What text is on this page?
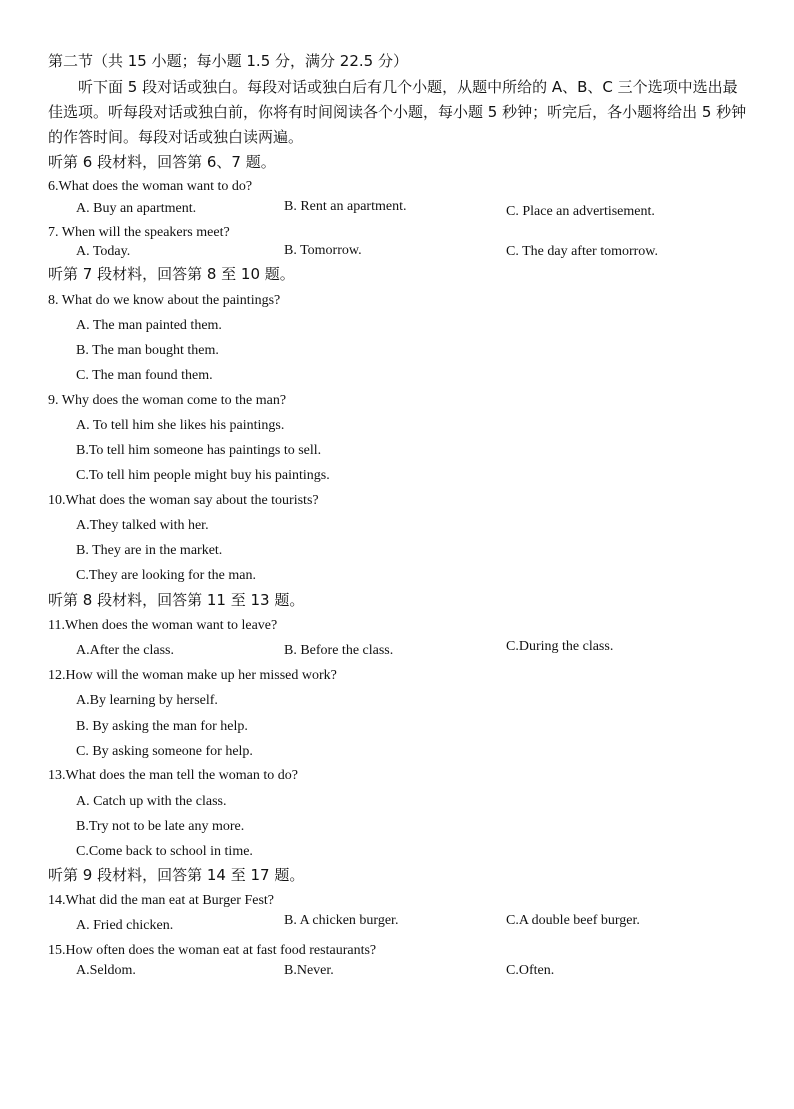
第二节（共 15 小题；每小题 1.5 分，满分 22.5 分）
听下面 5 段对话或独白。每段对话或独白后有几个小题，从题中所给的 A、B、C 三个选项中选出最佳选项。听每段对话或独白前，你将有时间阅读各个小题，每小题 5 秒钟；听完后，各小题将给出 5 秒钟的作答时间。每段对话或独白读两遍。
听第 6 段材料，回答第 6、7 题。
6.What does the woman want to do?
A. Buy an apartment.	B. Rent an apartment.	C. Place an advertisement.
7. When will the speakers meet?
A. Today.	B. Tomorrow.	C. The day after tomorrow.
听第 7 段材料，回答第 8 至 10 题。
8. What do we know about the paintings?
A. The man painted them.
B. The man bought them.
C. The man found them.
9. Why does the woman come to the man?
A. To tell him she likes his paintings.
B.To tell him someone has paintings to sell.
C.To tell him people might buy his paintings.
10.What does the woman say about the tourists?
A.They talked with her.
B. They are in the market.
C.They are looking for the man.
听第 8 段材料，回答第 11 至 13 题。
11.When does the woman want to leave?
A.After the class.	B. Before the class.	C.During the class.
12.How will the woman make up her missed work?
A.By learning by herself.
B. By asking the man for help.
C. By asking someone for help.
13.What does the man tell the woman to do?
A. Catch up with the class.
B.Try not to be late any more.
C.Come back to school in time.
听第 9 段材料，回答第 14 至 17 题。
14.What did the man eat at Burger Fest?
A. Fried chicken.	B. A chicken burger.	C.A double beef burger.
15.How often does the woman eat at fast food restaurants?
A.Seldom.	B.Never.	C.Often.
